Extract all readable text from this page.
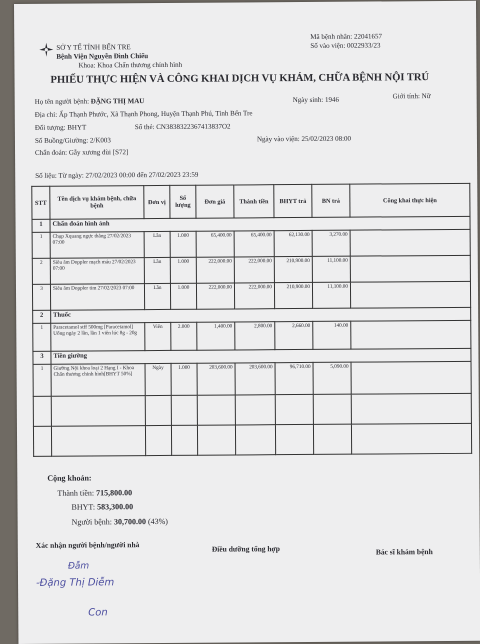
SỞ Y TẾ TỈNH BẾN TRE
Bệnh Viện Nguyễn Đình Chiểu
Khoa: Khoa Chấn thương chỉnh hình
Mã bệnh nhân: 22041657
Số vào viện: 0022933/23
PHIẾU THỰC HIỆN VÀ CÔNG KHAI DỊCH VỤ KHÁM, CHỮA BỆNH NỘI TRÚ
Họ tên người bệnh: ĐẶNG THỊ MAU	Ngày sinh: 1946	Giới tính: Nữ
Địa chỉ: Ấp Thạnh Phước, Xã Thạnh Phong, Huyện Thạnh Phú, Tỉnh Bến Tre
Đối tượng: BHYT	Số thẻ: CN3838322367413837O2
Số Buồng/Giường: 2/K003	Ngày vào viện: 25/02/2023 08:00
Chẩn đoán: Gẫy xương đùi [S72]
Số liệu: Từ ngày: 27/02/2023 00:00 đến 27/02/2023 23:59
STT	Tên dịch vụ khám bệnh, chữa bệnh	Đơn vị	Số lượng	Đơn giá	Thành tiền	BHYT trả	BN trả	Công khai thực hiện
1	Chẩn đoán hình ảnh							
1	Chụp Xquang ngực thẳng 27/02/2023 07:00	Lần	1.000	65,400.00	65,400.00	62,130.00	3,270.00	
2	Siêu âm Doppler mạch máu 27/02/2023 07:00	Lần	1.000	222,000.00	222,000.00	210,900.00	11,100.00	
3	Siêu âm Doppler tim 27/02/2023 07:00	Lần	1.000	222,000.00	222,000.00	210,900.00	11,100.00	
2	Thuốc							
1	Paracetamol stff 500mg [Paracetamol] Uống ngày 2 lần, lần 1 viên lúc 8g - 20g	Viên	2.000	1,400.00	2,800.00	2,660.00	140.00	
3	Tiền giường							
1	Giường Nội khoa loại 2 Hạng I - Khoa Chấn thương chỉnh hình[BHYT 50%]	Ngày	1.000	203,600.00	203,600.00	96,710.00	5,090.00	

Cộng khoản:
Thành tiền: 715,800.00
BHYT: 583,300.00
Người bệnh: 30,700.00 (43%)
Xác nhận người bệnh/người nhà	Điều dưỡng tổng hợp	Bác sĩ khám bệnh
Đẫm
-Đặng Thị Diễm
Con
